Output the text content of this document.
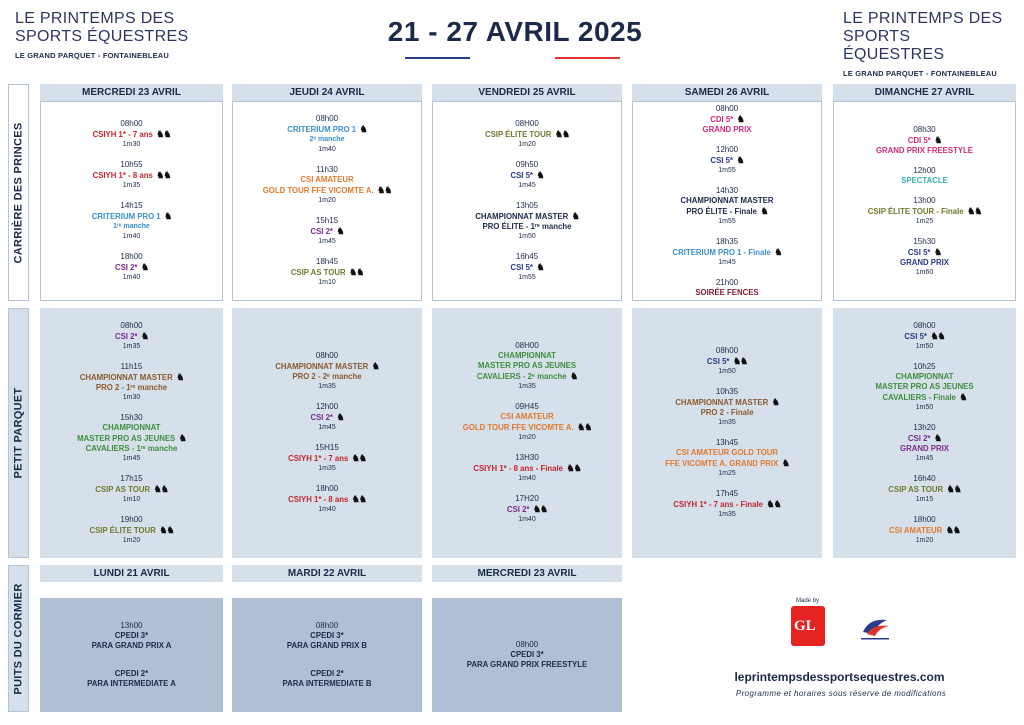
LE PRINTEMPS DES
SPORTS ÉQUESTRES
LE GRAND PARQUET - FONTAINEBLEAU
21 - 27 AVRIL 2025	LE PRINTEMPS DES
SPORTS ÉQUESTRES
LE GRAND PARQUET - FONTAINEBLEAU
CARRIÈRE DES PRINCES
MERCREDI 23 AVRIL
08h00
CSIYH 1* - 7 ans ♞♞
1m30
10h55
CSIYH 1* - 8 ans ♞♞
1m35
14h15
CRITERIUM PRO 1 ♞
1ʳᵉ manche
1m40
18h00
CSI 2* ♞
1m40
JEUDI 24 AVRIL
08h00
CRITERIUM PRO 1 ♞
2ᵉ manche
1m40
11h30
CSI AMATEUR
GOLD TOUR FFE VICOMTE A. ♞♞
1m20
15h15
CSI 2* ♞
1m45
18h45
CSIP AS TOUR ♞♞
1m10
VENDREDI 25 AVRIL
08H00
CSIP ÉLITE TOUR ♞♞
1m20
09h50
CSI 5* ♞
1m45
13h05
CHAMPIONNAT MASTER ♞
PRO ÉLITE - 1ʳᵉ manche
1m50
16h45
CSI 5* ♞
1m55
SAMEDI 26 AVRIL
08h00
CDI 5* ♞
GRAND PRIX
12h00
CSI 5* ♞
1m55
14h30
CHAMPIONNAT MASTER
PRO ÉLITE - Finale ♞
1m55
18h35
CRITERIUM PRO 1 - Finale ♞
1m45
21h00
SOIRÉE FENCES
DIMANCHE 27 AVRIL
08h30
CDI 5* ♞
GRAND PRIX FREESTYLE
12h00
SPECTACLE
13h00
CSIP ÉLITE TOUR - Finale ♞♞
1m25
15h30
CSI 5* ♞
GRAND PRIX
1m60
PETIT PARQUET
08h00
CSI 2* ♞
1m35
11h15
CHAMPIONNAT MASTER ♞
PRO 2 - 1ʳᵉ manche
1m30
15h30
CHAMPIONNAT
MASTER PRO AS JEUNES ♞
CAVALIERS - 1ʳᵉ manche
1m45
17h15
CSIP AS TOUR ♞♞
1m10
19h00
CSIP ÉLITE TOUR ♞♞
1m20
08h00
CHAMPIONNAT MASTER ♞
PRO 2 - 2ᵉ manche
1m35
12h00
CSI 2* ♞
1m45
15H15
CSIYH 1* - 7 ans ♞♞
1m35
18h00
CSIYH 1* - 8 ans ♞♞
1m40
08H00
CHAMPIONNAT
MASTER PRO AS JEUNES
CAVALIERS - 2ᵉ manche ♞
1m35
09H45
CSI AMATEUR
GOLD TOUR FFE VICOMTE A. ♞♞
1m20
13H30
CSIYH 1* - 8 ans - Finale ♞♞
1m40
17H20
CSI 2* ♞♞
1m40
08h00
CSI 5* ♞♞
1m50
10h35
CHAMPIONNAT MASTER ♞
PRO 2 - Finale
1m35
13h45
CSI AMATEUR GOLD TOUR
FFE VICOMTE A. GRAND PRIX ♞
1m25
17h45
CSIYH 1* - 7 ans - Finale ♞♞
1m35
08h00
CSI 5* ♞♞
1m50
10h25
CHAMPIONNAT
MASTER PRO AS JEUNES
CAVALIERS - Finale ♞
1m50
13h20
CSI 2* ♞
GRAND PRIX
1m45
16h40
CSIP AS TOUR ♞♞
1m15
18h00
CSI AMATEUR ♞♞
1m20
PUITS DU CORMIER
LUNDI 21 AVRIL
13h00
CPEDI 3*
PARA GRAND PRIX A
CPEDI 2*
PARA INTERMEDIATE A
MARDI 22 AVRIL
08h00
CPEDI 3*
PARA GRAND PRIX B
CPEDI 2*
PARA INTERMEDIATE B
MERCREDI 23 AVRIL
08h00
CPEDI 3*
PARA GRAND PRIX FREESTYLE
Made by
GL
leprintempsdessportsequestres.com
Programme et horaires sous réserve de modifications
